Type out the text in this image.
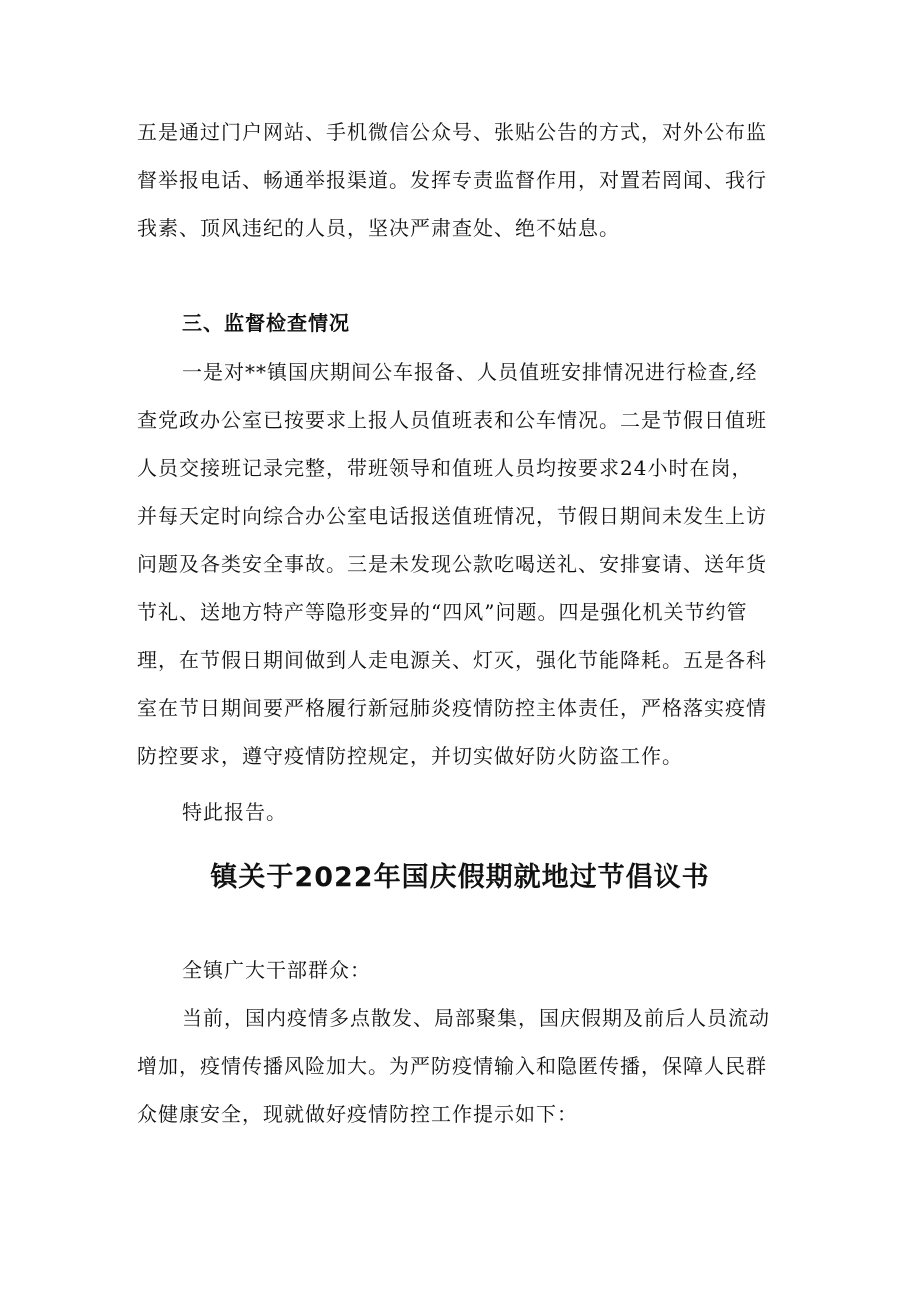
五是通过门户网站、手机微信公众号、张贴公告的方式，对外公布监
督举报电话、畅通举报渠道。发挥专责监督作用，对置若罔闻、我行
我素、顶风违纪的人员，坚决严肃查处、绝不姑息。
三、监督检查情况
一是对**镇国庆期间公车报备、人员值班安排情况进行检查,经
查党政办公室已按要求上报人员值班表和公车情况。二是节假日值班
人员交接班记录完整，带班领导和值班人员均按要求24小时在岗，
并每天定时向综合办公室电话报送值班情况，节假日期间未发生上访
问题及各类安全事故。三是未发现公款吃喝送礼、安排宴请、送年货
节礼、送地方特产等隐形变异的“四风”问题。四是强化机关节约管
理，在节假日期间做到人走电源关、灯灭，强化节能降耗。五是各科
室在节日期间要严格履行新冠肺炎疫情防控主体责任，严格落实疫情
防控要求，遵守疫情防控规定，并切实做好防火防盗工作。
特此报告。
镇关于2022年国庆假期就地过节倡议书
全镇广大干部群众：
当前，国内疫情多点散发、局部聚集，国庆假期及前后人员流动
增加，疫情传播风险加大。为严防疫情输入和隐匿传播，保障人民群
众健康安全，现就做好疫情防控工作提示如下：
